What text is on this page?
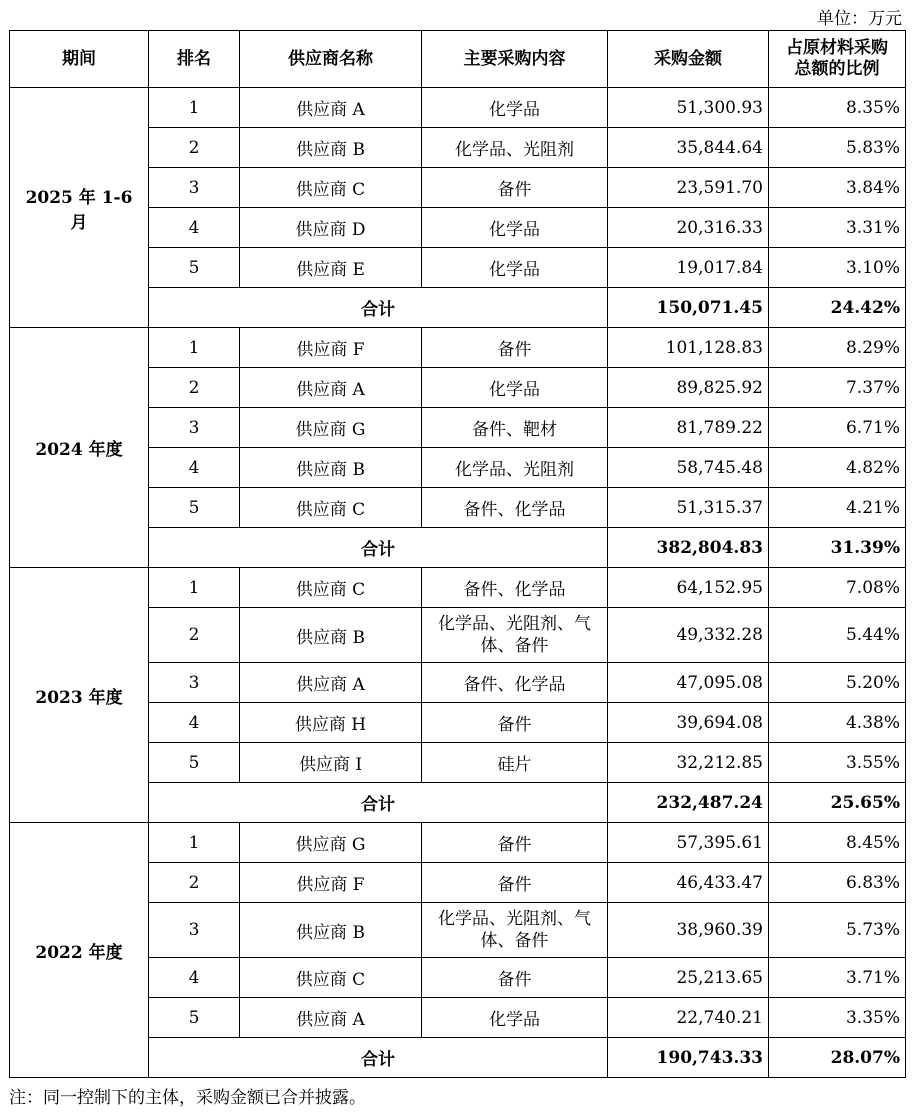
单位：万元
期间	排名	供应商名称	主要采购内容	采购金额	占原材料采购总额的比例
2025 年 1-6 月	1	供应商 A	化学品	51,300.93	8.35%
	2	供应商 B	化学品、光阻剂	35,844.64	5.83%
	3	供应商 C	备件	23,591.70	3.84%
	4	供应商 D	化学品	20,316.33	3.31%
	5	供应商 E	化学品	19,017.84	3.10%
	合计			150,071.45	24.42%
2024 年度	1	供应商 F	备件	101,128.83	8.29%
	2	供应商 A	化学品	89,825.92	7.37%
	3	供应商 G	备件、靶材	81,789.22	6.71%
	4	供应商 B	化学品、光阻剂	58,745.48	4.82%
	5	供应商 C	备件、化学品	51,315.37	4.21%
	合计			382,804.83	31.39%
2023 年度	1	供应商 C	备件、化学品	64,152.95	7.08%
	2	供应商 B	化学品、光阻剂、气体、备件	49,332.28	5.44%
	3	供应商 A	备件、化学品	47,095.08	5.20%
	4	供应商 H	备件	39,694.08	4.38%
	5	供应商 I	硅片	32,212.85	3.55%
	合计			232,487.24	25.65%
2022 年度	1	供应商 G	备件	57,395.61	8.45%
	2	供应商 F	备件	46,433.47	6.83%
	3	供应商 B	化学品、光阻剂、气体、备件	38,960.39	5.73%
	4	供应商 C	备件	25,213.65	3.71%
	5	供应商 A	化学品	22,740.21	3.35%
	合计			190,743.33	28.07%
注：同一控制下的主体，采购金额已合并披露。
